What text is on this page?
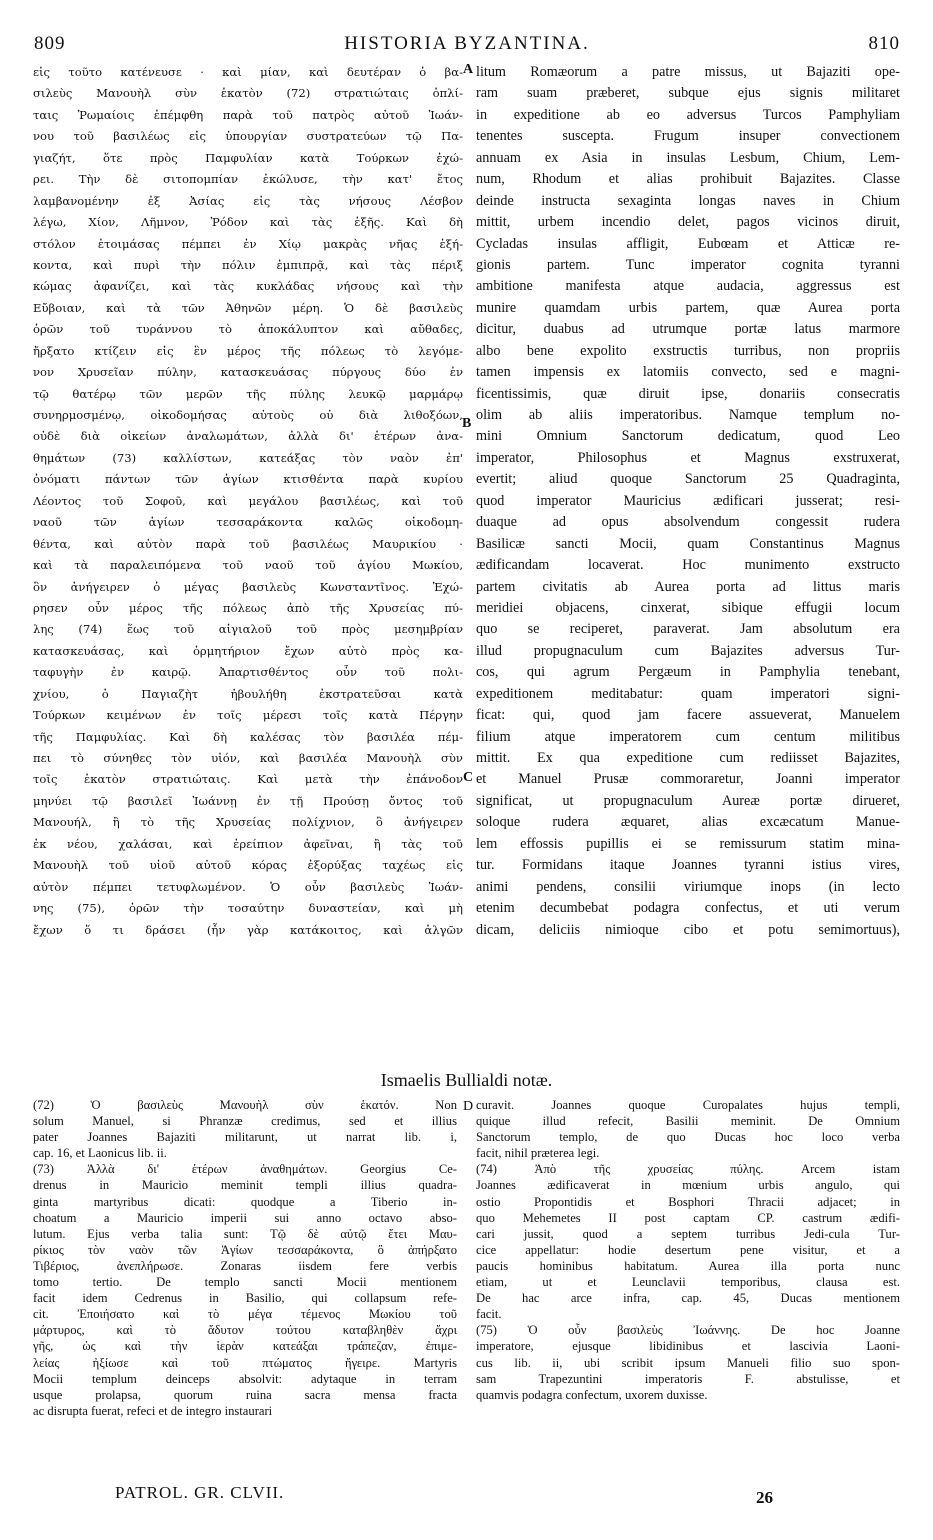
809	HISTORIA BYZANTINA.	810
εἰς τοῦτο κατένευσε · καὶ μίαν, καὶ δευτέραν ὁ βα-
σιλεὺς Μανουὴλ σὺν ἑκατὸν (72) στρατιώταις ὁπλί-
ταις Ῥωμαίοις ἐπέμφθη παρὰ τοῦ πατρὸς αὐτοῦ Ἰωάν-
νου τοῦ βασιλέως εἰς ὑπουργίαν συστρατεύων τῷ Πα-
γιαζήτ, ὅτε πρὸς Παμφυλίαν κατὰ Τούρκων ἐχώ-
ρει. Τὴν δὲ σιτοπομπίαν ἐκώλυσε, τὴν κατ' ἔτος
λαμβανομένην ἐξ Ἀσίας εἰς τὰς νήσους Λέσβον
λέγω, Χίον, Λῆμνον, Ῥόδον καὶ τὰς ἑξῆς. Καὶ δὴ
στόλον ἑτοιμάσας πέμπει ἐν Χίῳ μακρὰς νῆας ἑξή-
κοντα, καὶ πυρὶ τὴν πόλιν ἐμπιπρᾷ, καὶ τὰς πέριξ
κώμας ἀφανίζει, καὶ τὰς κυκλάδας νήσους καὶ τὴν
Εὔβοιαν, καὶ τὰ τῶν Ἀθηνῶν μέρη. Ὁ δὲ βασιλεὺς
ὁρῶν τοῦ τυράννου τὸ ἀποκάλυπτον καὶ αὔθαδες,
ἤρξατο κτίζειν εἰς ἓν μέρος τῆς πόλεως τὸ λεγόμε-
νον Χρυσεῖαν πύλην, κατασκευάσας πύργους δύο ἐν
τῷ θατέρῳ τῶν μερῶν τῆς πύλης λευκῷ μαρμάρῳ
συνηρμοσμένῳ, οἰκοδομήσας αὐτοὺς οὐ διὰ λιθοξόων,
οὐδὲ διὰ οἰκείων ἀναλωμάτων, ἀλλὰ δι' ἑτέρων ἀνα-
θημάτων (73) καλλίστων, κατεάξας τὸν ναὸν ἐπ'
ὀνόματι πάντων τῶν ἁγίων κτισθέντα παρὰ κυρίου
Λέοντος τοῦ Σοφοῦ, καὶ μεγάλου βασιλέως, καὶ τοῦ
ναοῦ τῶν ἁγίων τεσσαράκοντα καλῶς οἰκοδομη-
θέντα, καὶ αὐτὸν παρὰ τοῦ βασιλέως Μαυρικίου ·
καὶ τὰ παραλειπόμενα τοῦ ναοῦ τοῦ ἁγίου Μωκίου,
ὃν ἀνήγειρεν ὁ μέγας βασιλεὺς Κωνσταντῖνος. Ἐχώ-
ρησεν οὖν μέρος τῆς πόλεως ἀπὸ τῆς Χρυσείας πύ-
λης (74) ἕως τοῦ αἰγιαλοῦ τοῦ πρὸς μεσημβρίαν
κατασκευάσας, καὶ ὁρμητήριον ἔχων αὐτὸ πρὸς κα-
ταφυγὴν ἐν καιρῷ. Ἀπαρτισθέντος οὖν τοῦ πολι-
χνίου, ὁ Παγιαζὴτ ἠβουλήθη ἐκστρατεῦσαι κατὰ
Τούρκων κειμένων ἐν τοῖς μέρεσι τοῖς κατὰ Πέργην
τῆς Παμφυλίας. Καὶ δὴ καλέσας τὸν βασιλέα πέμ-
πει τὸ σύνηθες τὸν υἱόν, καὶ βασιλέα Μανουὴλ σὺν
τοῖς ἑκατὸν στρατιώταις. Καὶ μετὰ τὴν ἐπάνοδον
μηνύει τῷ βασιλεῖ Ἰωάννῃ ἐν τῇ Προύσῃ ὄντος τοῦ
Μανουήλ, ἢ τὸ τῆς Χρυσείας πολίχνιον, ὃ ἀνήγειρεν
ἐκ νέου, χαλάσαι, καὶ ἐρείπιον ἀφεῖναι, ἢ τὰς τοῦ
Μανουὴλ τοῦ υἱοῦ αὐτοῦ κόρας ἐξορύξας ταχέως εἰς
αὐτὸν πέμπει τετυφλωμένον. Ὁ οὖν βασιλεὺς Ἰωάν-
νης (75), ὁρῶν τὴν τοσαύτην δυναστείαν, καὶ μὴ
ἔχων ὅ τι δράσει (ἦν γὰρ κατάκοιτος, καὶ ἀλγῶν
litum Romæorum a patre missus, ut Bajaziti ope-
ram suam præberet, subque ejus signis militaret
in expeditione ab eo adversus Turcos Pamphyliam
tenentes suscepta. Frugum insuper convectionem
annuam ex Asia in insulas Lesbum, Chium, Lem-
num, Rhodum et alias prohibuit Bajazites. Classe
deinde instructa sexaginta longas naves in Chium
mittit, urbem incendio delet, pagos vicinos diruit,
Cycladas insulas affligit, Eubœam et Atticæ re-
gionis partem. Tunc imperator cognita tyranni
ambitione manifesta atque audacia, aggressus est
munire quamdam urbis partem, quæ Aurea porta
dicitur, duabus ad utrumque portæ latus marmore
albo bene expolito exstructis turribus, non propriis
tamen impensis ex latomiis convecto, sed e magni-
ficentissimis, quæ diruit ipse, donariis consecratis
olim ab aliis imperatoribus. Namque templum no-
mini Omnium Sanctorum dedicatum, quod Leo
imperator, Philosophus et Magnus exstruxerat,
evertit; aliud quoque Sanctorum 25 Quadraginta,
quod imperator Mauricius ædificari jusserat; resi-
duaque ad opus absolvendum congessit rudera
Basilicæ sancti Mocii, quam Constantinus Magnus
ædificandam locaverat. Hoc munimento exstructo
partem civitatis ab Aurea porta ad littus maris
meridiei objacens, cinxerat, sibique effugii locum
quo se reciperet, paraverat. Jam absolutum era
illud propugnaculum cum Bajazites adversus Tur-
cos, qui agrum Pergæum in Pamphylia tenebant,
expeditionem meditabatur: quam imperatori signi-
ficat: qui, quod jam facere assueverat, Manuelem
filium atque imperatorem cum centum militibus
mittit. Ex qua expeditione cum rediisset Bajazites,
et Manuel Prusæ commoraretur, Joanni imperator
significat, ut propugnaculum Aureæ portæ dirueret,
soloque rudera æquaret, alias excæcatum Manue-
lem effossis pupillis ei se remissurum statim mina-
tur. Formidans itaque Joannes tyranni istius vires,
animi pendens, consilii viriumque inops (in lecto
etenim decumbebat podagra confectus, et uti verum
dicam, deliciis nimioque cibo et potu semimortuus),
A
B
C
D
Ismaelis Bullialdi notæ.
(72) Ὁ βασιλεὺς Μανουὴλ σὺν ἑκατόν. Non
solum Manuel, si Phranzæ credimus, sed et illius
pater Joannes Bajaziti militarunt, ut narrat lib. i,
cap. 16, et Laonicus lib. ii.
(73) Ἀλλὰ δι' ἑτέρων ἀναθημάτων. Georgius Ce-
drenus in Mauricio meminit templi illius quadra-
ginta martyribus dicati: quodque a Tiberio in-
choatum a Mauricio imperii sui anno octavo abso-
lutum. Ejus verba talia sunt: Τῷ δὲ αὐτῷ ἔτει Μαυ-
ρίκιος τὸν ναὸν τῶν Ἁγίων τεσσαράκοντα, ὃ ἀπήρξατο
Τιβέριος, ἀνεπλήρωσε. Zonaras iisdem fere verbis
tomo tertio. De templo sancti Mocii mentionem
facit idem Cedrenus in Basilio, qui collapsum refe-
cit. Ἐποιήσατο καὶ τὸ μέγα τέμενος Μωκίου τοῦ
μάρτυρος, καὶ τὸ ἄδυτον τούτου καταβληθὲν ἄχρι
γῆς, ὡς καὶ τὴν ἱερὰν κατεάξαι τράπεζαν, ἐπιμε-
λείας ἠξίωσε καὶ τοῦ πτώματος ἤγειρε. Martyris
Mocii templum deinceps absolvit: adytaque in terram
usque prolapsa, quorum ruina sacra mensa fracta
ac disrupta fuerat, refeci et de integro instaurari
curavit. Joannes quoque Curopalates hujus templi,
quique illud refecit, Basilii meminit. De Omnium
Sanctorum templo, de quo Ducas hoc loco verba
facit, nihil præterea legi.
(74) Ἀπὸ τῆς χρυσείας πύλης. Arcem istam
Joannes ædificaverat in mœnium urbis angulo, qui
ostio Propontidis et Bosphori Thracii adjacet; in
quo Mehemetes II post captam CP. castrum ædifi-
cari jussit, quod a septem turribus Jedi-cula Tur-
cice appellatur: hodie desertum pene visitur, et a
paucis hominibus habitatum. Aurea illa porta nunc
etiam, ut et Leunclavii temporibus, clausa est.
De hac arce infra, cap. 45, Ducas mentionem
facit.
(75) Ὁ οὖν βασιλεὺς Ἰωάννης. De hoc Joanne
imperatore, ejusque libidinibus et lascivia Laoni-
cus lib. ii, ubi scribit ipsum Manueli filio suo spon-
sam Trapezuntini imperatoris F. abstulisse, et
quamvis podagra confectum, uxorem duxisse.
PATROL. GR. CLVII.	26
